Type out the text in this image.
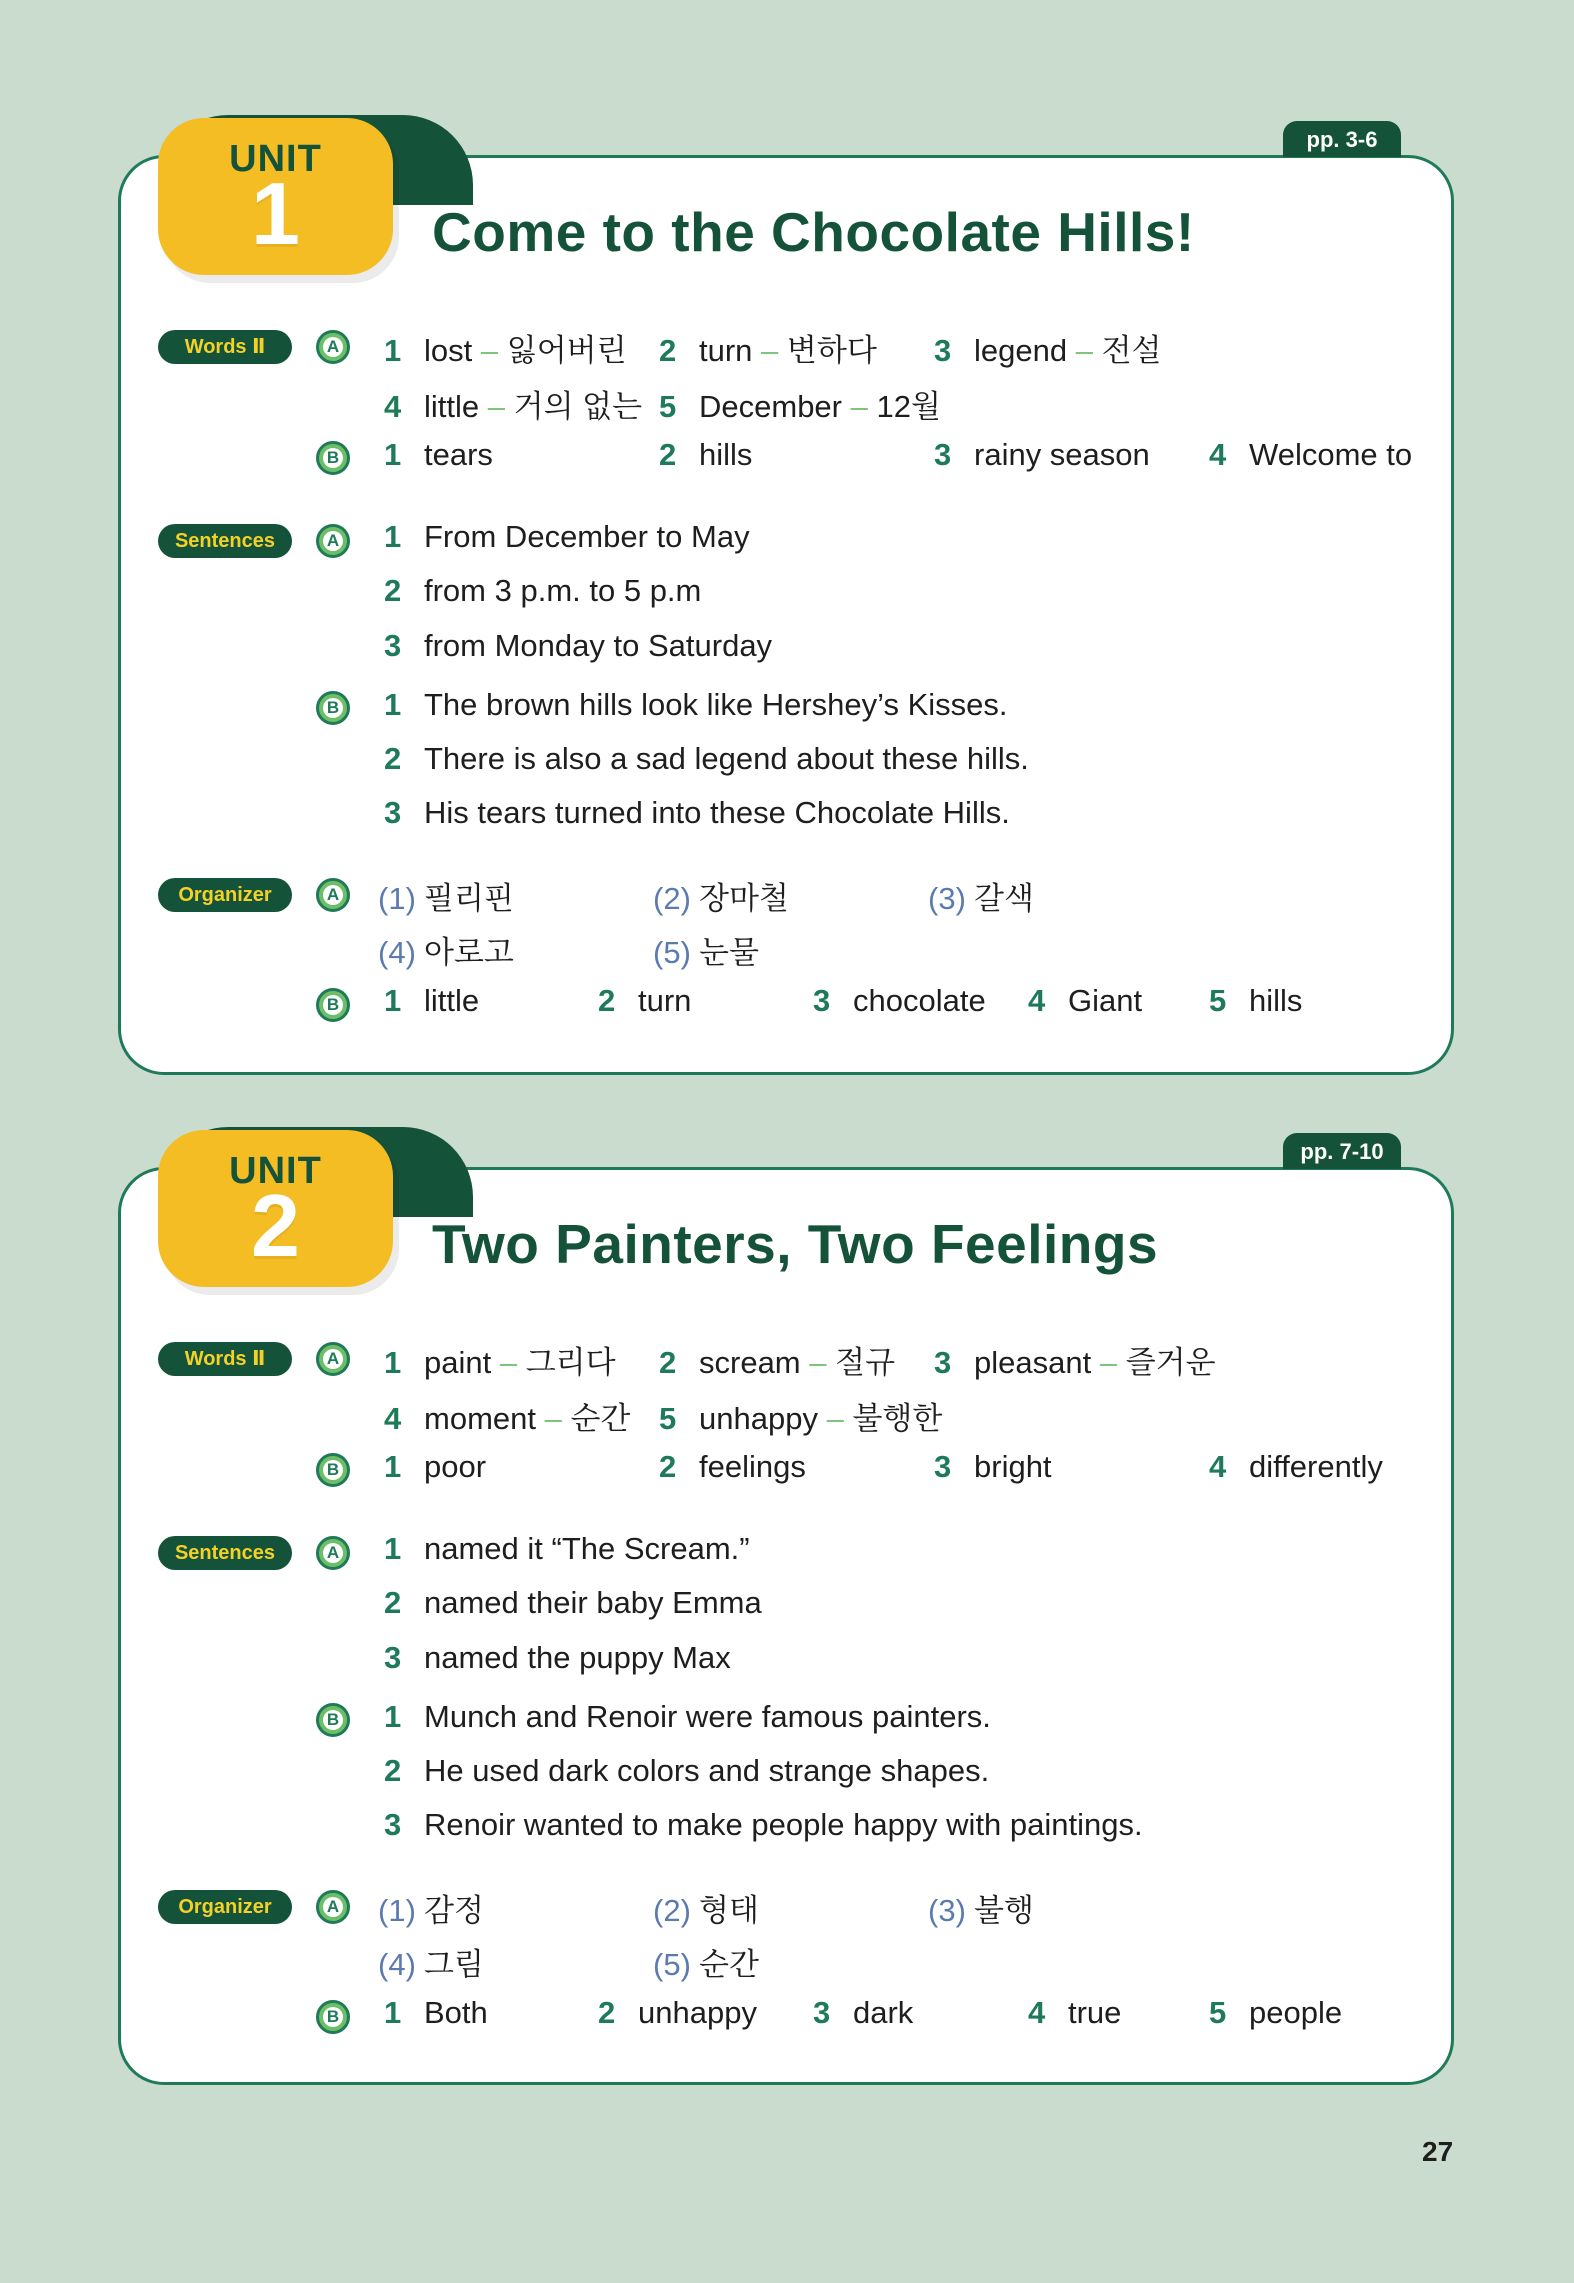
pp. 3-6
UNIT
1	Come to the Chocolate Hills!
Words Ⅱ	A 1 lost – 잃어버린 2 turn – 변하다 3 legend – 전설
4 little – 거의 없는 5 December – 12월
B 1 tears	2 hills	3 rainy season 4 Welcome to
Sentences	A 1 From December to May
2 from 3 p.m. to 5 p.m
3 from Monday to Saturday
B 1 The brown hills look like Hershey’s Kisses.
2 There is also a sad legend about these hills.
3 His tears turned into these Chocolate Hills.
Organizer	A (1) 필리핀	(2) 장마철	(3) 갈색
(4) 아로고	(5) 눈물
B 1 little	2 turn	3 chocolate 4 Giant 5 hills
pp. 7-10
UNIT
2	Two Painters, Two Feelings
Words Ⅱ	A 1 paint – 그리다 2 scream – 절규 3 pleasant – 즐거운
4 moment – 순간 5 unhappy – 불행한
B 1 poor	2 feelings	3 bright	4 differently
Sentences	A 1 named it “The Scream.”
2 named their baby Emma
3 named the puppy Max
B 1 Munch and Renoir were famous painters.
2 He used dark colors and strange shapes.
3 Renoir wanted to make people happy with paintings.
Organizer	A (1) 감정	(2) 형태	(3) 불행
(4) 그림	(5) 순간
B 1 Both	2 unhappy 3 dark	4 true	5 people
27
